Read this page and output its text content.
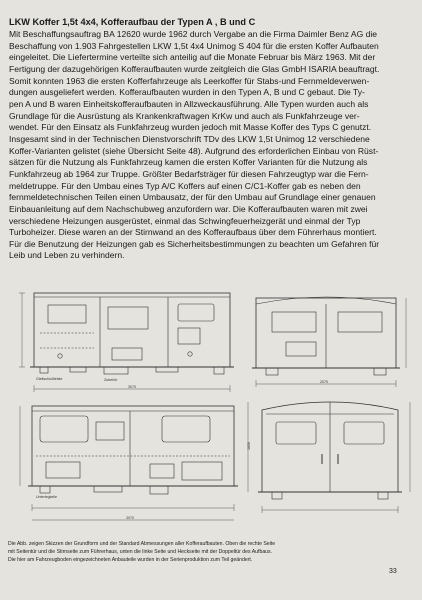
LKW Koffer 1,5t 4x4, Kofferaufbau der Typen A , B und C
Mit Beschaffungsauftrag BA 12620 wurde 1962 durch Vergabe an die Firma Daimler Benz AG die
Beschaffung von 1.903 Fahrgestellen LKW 1,5t 4x4 Unimog S 404 für die ersten Koffer Aufbauten
eingeleitet. Die Liefertermine verteilte sich anteilig auf die Monate Februar bis März 1963. Mit der
Fertigung der dazugehörigen Kofferaufbauten wurde zeitgleich die Glas GmbH ISARIA beauftragt.
Somit konnten 1963 die ersten Kofferfahrzeuge als Leerkoffer für Stabs-und Fernmeldeverwen-
dungen ausgeliefert werden. Kofferaufbauten wurden in den Typen A, B und C gebaut. Die Ty-
pen A und B waren Einheitskofferaufbauten in Allzweckausführung. Alle Typen wurden auch als
Grundlage für die Ausrüstung als Krankenkraftwagen KrKw und auch als Funkfahrzeuge ver-
wendet. Für den Einsatz als Funkfahrzeug wurden jedoch mit Masse Koffer des Typs C genutzt.
Insgesamt sind in der Technischen Dienstvorschrift TDv des LKW 1,5t Unimog 12 verschiedene
Koffer-Varianten gelistet (siehe Übersicht Seite 48). Aufgrund des erforderlichen Einbau von Rüst-
sätzen für die Nutzung als Funkfahrzeug kamen die ersten Koffer Varianten für die Nutzung als
Funkfahrzeug ab 1964 zur Truppe. Größter Bedarfsträger für diesen Fahrzeugtyp war die Fern-
meldetruppe. Für den Umbau eines Typ A/C Koffers auf einen C/C1-Koffer gab es neben den
fernmeldetechnischen Teilen einen Umbausatz, der für den Umbau auf Grundlage einer genauen
Einbauanleitung auf dem Nachschubweg anzufordern war. Die Kofferaufbauten waren mit zwei
verschiedene Heizungen ausgerüstet, einmal das Schwingfeuerheizgerät und einmal der Typ
Turboheizer. Diese waren an der Stirnwand an des Kofferaufbaus über dem Führerhaus montiert.
Für die Benutzung der Heizungen gab es Sicherheitsbestimmungen zu beachten um Gefahren für
Leib und Leben zu verhindern.
Gleitschlußleiste	Zubehör
3070
2070
Unterlegkeile
3070
1650
Die Abb. zeigen Skizzen der Grundform und der Standard Abmessungen aller Kofferaufbauten. Oben die rechte Seite
mit Seitentür und die Stirnseite zum Führerhaus, unten die linke Seite und Heckseite mit der Doppeltür des Aufbaus.
Die hier am Fahrzeugboden eingezeichneten Anbauteile wurden in der Serienproduktion zum Teil geändert.
33
